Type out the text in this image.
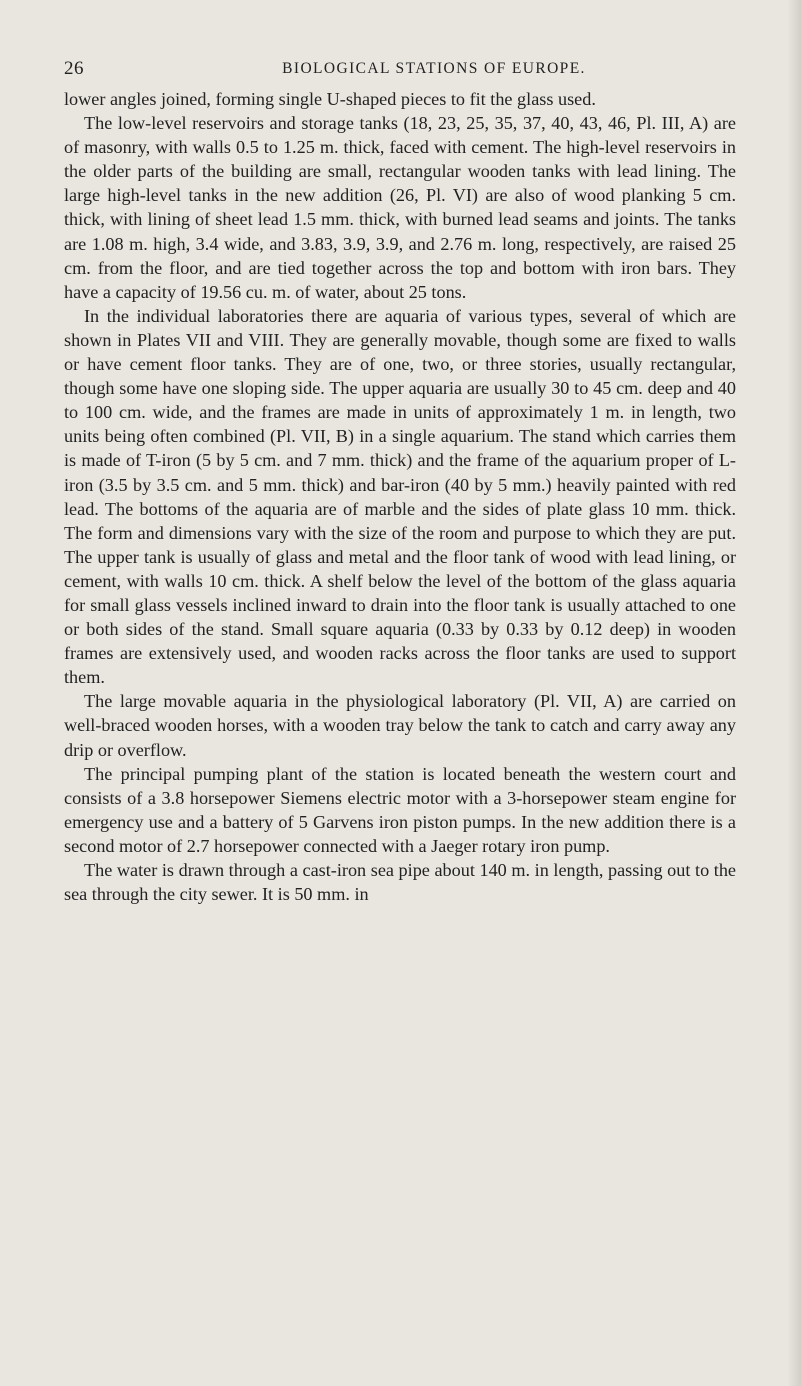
26	BIOLOGICAL STATIONS OF EUROPE.

lower angles joined, forming single U-shaped pieces to fit the glass used.

The low-level reservoirs and storage tanks (18, 23, 25, 35, 37, 40, 43, 46, Pl. III, A) are of masonry, with walls 0.5 to 1.25 m. thick, faced with cement. The high-level reservoirs in the older parts of the building are small, rectangular wooden tanks with lead lining. The large high-level tanks in the new addition (26, Pl. VI) are also of wood planking 5 cm. thick, with lining of sheet lead 1.5 mm. thick, with burned lead seams and joints. The tanks are 1.08 m. high, 3.4 wide, and 3.83, 3.9, 3.9, and 2.76 m. long, respectively, are raised 25 cm. from the floor, and are tied together across the top and bottom with iron bars. They have a capacity of 19.56 cu. m. of water, about 25 tons.

In the individual laboratories there are aquaria of various types, several of which are shown in Plates VII and VIII. They are generally movable, though some are fixed to walls or have cement floor tanks. They are of one, two, or three stories, usually rectangular, though some have one sloping side. The upper aquaria are usually 30 to 45 cm. deep and 40 to 100 cm. wide, and the frames are made in units of approximately 1 m. in length, two units being often combined (Pl. VII, B) in a single aquarium. The stand which carries them is made of T-iron (5 by 5 cm. and 7 mm. thick) and the frame of the aquarium proper of L-iron (3.5 by 3.5 cm. and 5 mm. thick) and bar-iron (40 by 5 mm.) heavily painted with red lead. The bottoms of the aquaria are of marble and the sides of plate glass 10 mm. thick. The form and dimensions vary with the size of the room and purpose to which they are put. The upper tank is usually of glass and metal and the floor tank of wood with lead lining, or cement, with walls 10 cm. thick. A shelf below the level of the bottom of the glass aquaria for small glass vessels inclined inward to drain into the floor tank is usually attached to one or both sides of the stand. Small square aquaria (0.33 by 0.33 by 0.12 deep) in wooden frames are extensively used, and wooden racks across the floor tanks are used to support them.

The large movable aquaria in the physiological laboratory (Pl. VII, A) are carried on well-braced wooden horses, with a wooden tray below the tank to catch and carry away any drip or overflow.

The principal pumping plant of the station is located beneath the western court and consists of a 3.8 horsepower Siemens electric motor with a 3-horsepower steam engine for emergency use and a battery of 5 Garvens iron piston pumps. In the new addition there is a second motor of 2.7 horsepower connected with a Jaeger rotary iron pump.

The water is drawn through a cast-iron sea pipe about 140 m. in length, passing out to the sea through the city sewer. It is 50 mm. in
